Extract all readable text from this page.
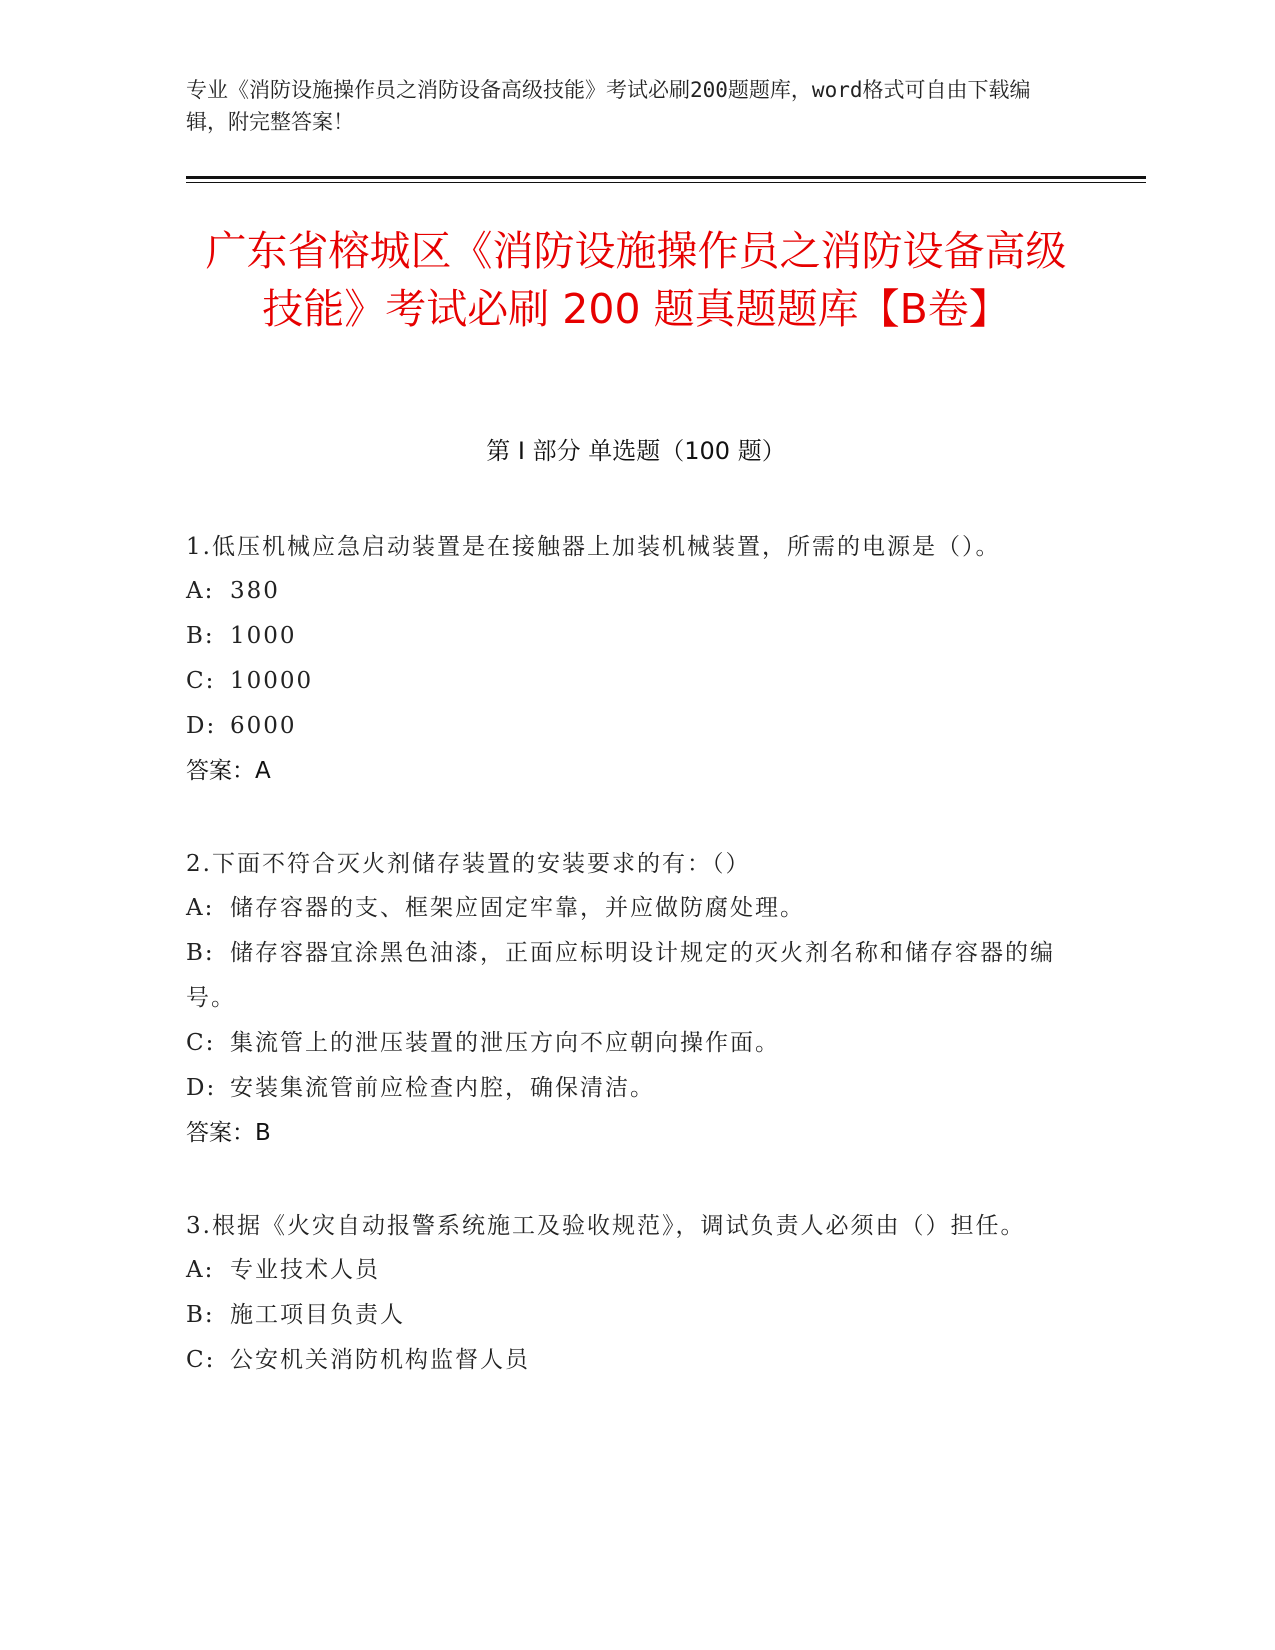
专业《消防设施操作员之消防设备高级技能》考试必刷200题题库，word格式可自由下载编辑，附完整答案！
广东省榕城区《消防设施操作员之消防设备高级技能》考试必刷 200 题真题题库【B卷】
第 I 部分 单选题（100 题）
1.低压机械应急启动装置是在接触器上加装机械装置，所需的电源是（）。
A: 380
B: 1000
C: 10000
D: 6000
答案：A
2.下面不符合灭火剂储存装置的安装要求的有：（）
A: 储存容器的支、框架应固定牢靠，并应做防腐处理。
B: 储存容器宜涂黑色油漆，正面应标明设计规定的灭火剂名称和储存容器的编号。
C: 集流管上的泄压装置的泄压方向不应朝向操作面。
D: 安装集流管前应检查内腔，确保清洁。
答案：B
3.根据《火灾自动报警系统施工及验收规范》，调试负责人必须由（）担任。
A: 专业技术人员
B: 施工项目负责人
C: 公安机关消防机构监督人员
